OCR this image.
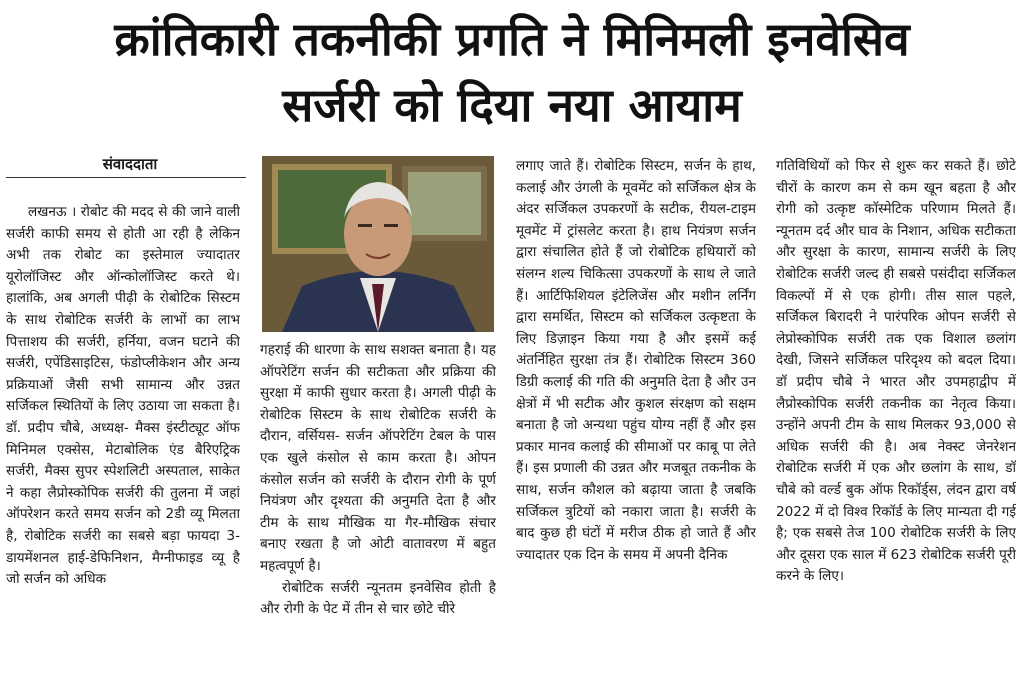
क्रांतिकारी तकनीकी प्रगति ने मिनिमली इनवेसिव
सर्जरी को दिया नया आयाम
संवाददाता

लखनऊ । रोबोट की मदद से की जाने वाली सर्जरी काफी समय से होती आ रही है लेकिन अभी तक रोबोट का इस्तेमाल ज्यादातर यूरोलॉजिस्ट और ऑन्कोलॉजिस्ट करते थे। हालांकि, अब अगली पीढ़ी के रोबोटिक सिस्टम के साथ रोबोटिक सर्जरी के लाभों का लाभ पित्ताशय की सर्जरी, हर्निया, वजन घटाने की सर्जरी, एपेंडिसाइटिस, फंडोप्लीकेशन और अन्य प्रक्रियाओं जैसी सभी सामान्य और उन्नत सर्जिकल स्थितियों के लिए उठाया जा सकता है। डॉ. प्रदीप चौबे, अध्यक्ष- मैक्स इंस्टीट्यूट ऑफ मिनिमल एक्सेस, मेटाबोलिक एंड बैरिएट्रिक सर्जरी, मैक्स सुपर स्पेशलिटी अस्पताल, साकेत ने कहा लैप्रोस्कोपिक सर्जरी की तुलना में जहां ऑपरेशन करते समय सर्जन को 2डी व्यू मिलता है, रोबोटिक सर्जरी का सबसे बड़ा फायदा 3-डायमेंशनल हाई-डेफिनिशन, मैग्नीफाइड व्यू है जो सर्जन को अधिक

गहराई की धारणा के साथ सशक्त बनाता है। यह ऑपरेटिंग सर्जन की सटीकता और प्रक्रिया की सुरक्षा में काफी सुधार करता है। अगली पीढ़ी के रोबोटिक सिस्टम के साथ रोबोटिक सर्जरी के दौरान, वर्सियस- सर्जन ऑपरेटिंग टेबल के पास एक खुले कंसोल से काम करता है। ओपन कंसोल सर्जन को सर्जरी के दौरान रोगी के पूर्ण नियंत्रण और दृश्यता की अनुमति देता है और टीम के साथ मौखिक या गैर-मौखिक संचार बनाए रखता है जो ओटी वातावरण में बहुत महत्वपूर्ण है।

रोबोटिक सर्जरी न्यूनतम इनवेसिव होती है और रोगी के पेट में तीन से चार छोटे चीरे

लगाए जाते हैं। रोबोटिक सिस्टम, सर्जन के हाथ, कलाई और उंगली के मूवमेंट को सर्जिकल क्षेत्र के अंदर सर्जिकल उपकरणों के सटीक, रीयल-टाइम मूवमेंट में ट्रांसलेट करता है। हाथ नियंत्रण सर्जन द्वारा संचालित होते हैं जो रोबोटिक हथियारों को संलग्न शल्य चिकित्सा उपकरणों के साथ ले जाते हैं। आर्टिफिशियल इंटेलिजेंस और मशीन लर्निंग द्वारा समर्थित, सिस्टम को सर्जिकल उत्कृष्टता के लिए डिज़ाइन किया गया है और इसमें कई अंतर्निहित सुरक्षा तंत्र हैं। रोबोटिक सिस्टम 360 डिग्री कलाई की गति की अनुमति देता है और उन क्षेत्रों में भी सटीक और कुशल संरक्षण को सक्षम बनाता है जो अन्यथा पहुंच योग्य नहीं हैं और इस प्रकार मानव कलाई की सीमाओं पर काबू पा लेते हैं। इस प्रणाली की उन्नत और मजबूत तकनीक के साथ, सर्जन कौशल को बढ़ाया जाता है जबकि सर्जिकल त्रुटियों को नकारा जाता है। सर्जरी के बाद कुछ ही घंटों में मरीज ठीक हो जाते हैं और ज्यादातर एक दिन के समय में अपनी दैनिक

गतिविधियों को फिर से शुरू कर सकते हैं। छोटे चीरों के कारण कम से कम खून बहता है और रोगी को उत्कृष्ट कॉस्मेटिक परिणाम मिलते हैं। न्यूनतम दर्द और घाव के निशान, अधिक सटीकता और सुरक्षा के कारण, सामान्य सर्जरी के लिए रोबोटिक सर्जरी जल्द ही सबसे पसंदीदा सर्जिकल विकल्पों में से एक होगी। तीस साल पहले, सर्जिकल बिरादरी ने पारंपरिक ओपन सर्जरी से लेप्रोस्कोपिक सर्जरी तक एक विशाल छलांग देखी, जिसने सर्जिकल परिदृश्य को बदल दिया। डॉ प्रदीप चौबे ने भारत और उपमहाद्वीप में लैप्रोस्कोपिक सर्जरी तकनीक का नेतृत्व किया। उन्होंने अपनी टीम के साथ मिलकर 93,000 से अधिक सर्जरी की है। अब नेक्स्ट जेनरेशन रोबोटिक सर्जरी में एक और छलांग के साथ, डॉ चौबे को वर्ल्ड बुक ऑफ रिकॉर्ड्स, लंदन द्वारा वर्ष 2022 में दो विश्व रिकॉर्ड के लिए मान्यता दी गई है; एक सबसे तेज 100 रोबोटिक सर्जरी के लिए और दूसरा एक साल में 623 रोबोटिक सर्जरी पूरी करने के लिए।
